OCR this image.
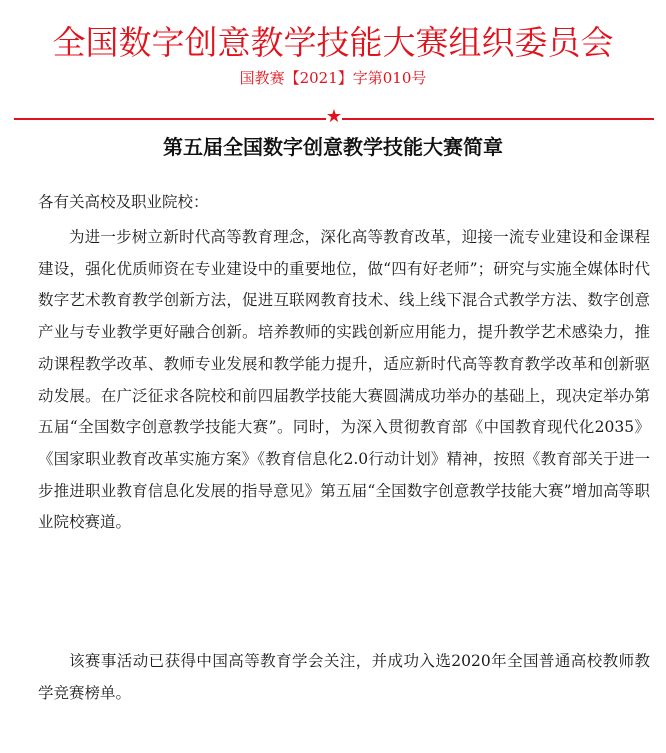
全国数字创意教学技能大赛组织委员会
国教赛【2021】字第010号
★
第五届全国数字创意教学技能大赛简章
各有关高校及职业院校：

为进一步树立新时代高等教育理念，深化高等教育改革，迎接一流专业建设和金课程建设，强化优质师资在专业建设中的重要地位，做“四有好老师”；研究与实施全媒体时代数字艺术教育教学创新方法，促进互联网教育技术、线上线下混合式教学方法、数字创意产业与专业教学更好融合创新。培养教师的实践创新应用能力，提升教学艺术感染力，推动课程教学改革、教师专业发展和教学能力提升，适应新时代高等教育教学改革和创新驱动发展。在广泛征求各院校和前四届教学技能大赛圆满成功举办的基础上，现决定举办第五届“全国数字创意教学技能大赛”。同时，为深入贯彻教育部《中国教育现代化2035》《国家职业教育改革实施方案》《教育信息化2.0行动计划》精神，按照《教育部关于进一步推进职业教育信息化发展的指导意见》第五届“全国数字创意教学技能大赛”增加高等职业院校赛道。

该赛事活动已获得中国高等教育学会关注，并成功入选2020年全国普通高校教师教学竞赛榜单。
